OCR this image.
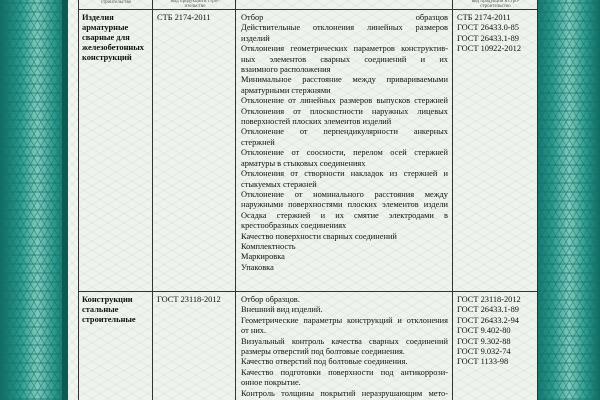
строительство	вид продукции в стро-
ительство
вид продукции в стро-
строительство
Изделия
арматурные
сварные для
железобетонных
конструкций
СТБ 2174-2011	Отбор образцов
Действительные отклонения линейных размеров
изделий
Отклонения геометрических параметров конструктив-
ных элементов сварных соединений и их
взаимного расположения
Минимальное расстояние между привариваемыми
арматурными стержнями
Отклонение от линейных размеров выпусков стержней
Отклонения от плоскостности наружных лицевых
поверхностей плоских элементов изделий
Отклонение от перпендикулярности анкерных
стержней
Отклонение от соосности, перелом осей стержней
арматуры в стыковых соединениях
Отклонения от створности накладок из стержней и
стыкуемых стержней
Отклонение от номинального расстояния между
наружными поверхностями плоских элементов издели
Осадка стержней и их смятие электродами в
крестообразных соединениях
Качество поверхности сварных соединений
Комплектность
Маркировка
Упаковка
СТБ 2174-2011
ГОСТ 26433.0-85
ГОСТ 26433.1-89
ГОСТ 10922-2012
Конструкции
стальные
строительные
ГОСТ 23118-2012 Отбор образцов.
Внешний вид изделий.
Геометрические параметры конструкций и отклонения
от них.
Визуальный контроль качества сварных соединений
размеры отверстий под болтовые соединения.
Качество отверстий под болтовые соединения.
Качество подготовки поверхности под антикоррози-
онное покрытие.
Контроль толщины покрытий неразрушающим мето-
ГОСТ 23118-2012
ГОСТ 26433.1-89
ГОСТ 26433.2-94
ГОСТ 9.402-80
ГОСТ 9.302-88
ГОСТ 9.032-74
ГОСТ 1133-98
